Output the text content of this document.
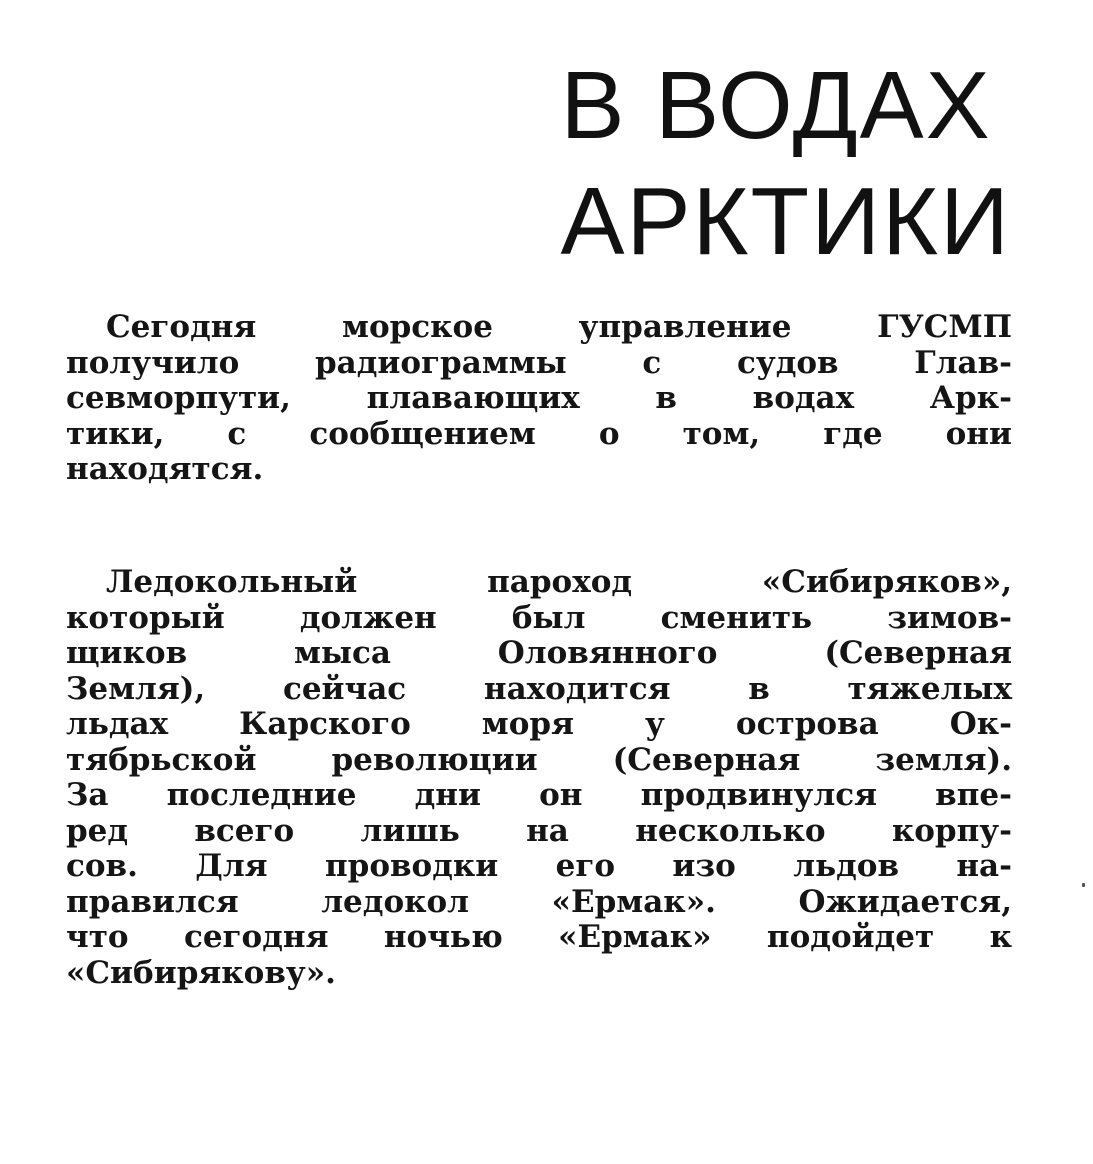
В ВОДАХ
АРКТИКИ

Сегодня морское управление ГУСМП
получило радиограммы с судов Глав-
севморпути, плавающих в водах Арк-
тики, с сообщением о том, где они
находятся.

Ледокольный пароход «Сибиряков»,
который должен был сменить зимов-
щиков мыса Оловянного (Северная
Земля), сейчас находится в тяжелых
льдах Карского моря у острова Ок-
тябрьской революции (Северная земля).
За последние дни он продвинулся впе-
ред всего лишь на несколько корпу-
сов. Для проводки его изо льдов на-
правился ледокол «Ермак». Ожидается,
что сегодня ночью «Ермак» подойдет к
«Сибирякову».
